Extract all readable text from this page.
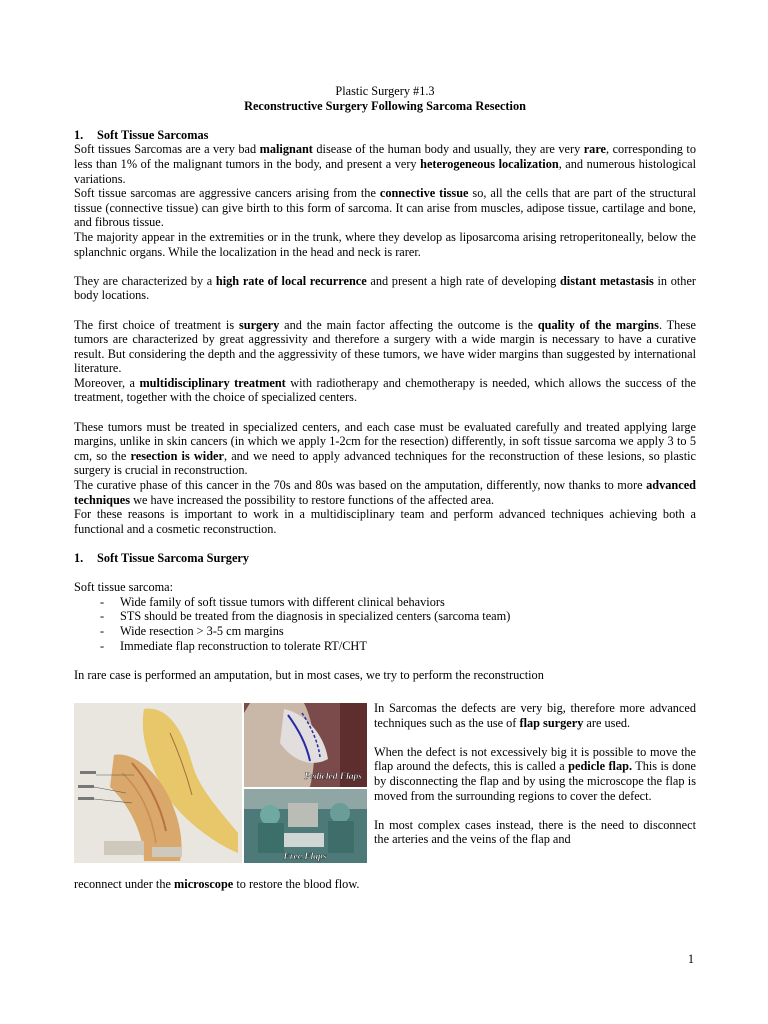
Plastic Surgery #1.3

Reconstructive Surgery Following Sarcoma Resection

1. Soft Tissue Sarcomas

Soft tissues Sarcomas are a very bad malignant disease of the human body and usually, they are very rare, corresponding to less than 1% of the malignant tumors in the body, and present a very heterogeneous localization, and numerous histological variations.

Soft tissue sarcomas are aggressive cancers arising from the connective tissue so, all the cells that are part of the structural tissue (connective tissue) can give birth to this form of sarcoma. It can arise from muscles, adipose tissue, cartilage and bone, and fibrous tissue.

The majority appear in the extremities or in the trunk, where they develop as liposarcoma arising retroperitoneally, below the splanchnic organs. While the localization in the head and neck is rarer.

They are characterized by a high rate of local recurrence and present a high rate of developing distant metastasis in other body locations.

The first choice of treatment is surgery and the main factor affecting the outcome is the quality of the margins. These tumors are characterized by great aggressivity and therefore a surgery with a wide margin is necessary to have a curative result. But considering the depth and the aggressivity of these tumors, we have wider margins than suggested by international literature.

Moreover, a multidisciplinary treatment with radiotherapy and chemotherapy is needed, which allows the success of the treatment, together with the choice of specialized centers.

These tumors must be treated in specialized centers, and each case must be evaluated carefully and treated applying large margins, unlike in skin cancers (in which we apply 1-2cm for the resection) differently, in soft tissue sarcoma we apply 3 to 5 cm, so the resection is wider, and we need to apply advanced techniques for the reconstruction of these lesions, so plastic surgery is crucial in reconstruction.

The curative phase of this cancer in the 70s and 80s was based on the amputation, differently, now thanks to more advanced techniques we have increased the possibility to restore functions of the affected area.

For these reasons is important to work in a multidisciplinary team and perform advanced techniques achieving both a functional and a cosmetic reconstruction.

1. Soft Tissue Sarcoma Surgery

Soft tissue sarcoma:

- Wide family of soft tissue tumors with different clinical behaviors
- STS should be treated from the diagnosis in specialized centers (sarcoma team)
- Wide resection > 3-5 cm margins
- Immediate flap reconstruction to tolerate RT/CHT

In rare case is performed an amputation, but in most cases, we try to perform the reconstruction

Pedicled Flaps
Free Flaps

In Sarcomas the defects are very big, therefore more advanced techniques such as the use of flap surgery are used.

When the defect is not excessively big it is possible to move the flap around the defects, this is called a pedicle flap. This is done by disconnecting the flap and by using the microscope the flap is moved from the surrounding regions to cover the defect.

In most complex cases instead, there is the need to disconnect the arteries and the veins of the flap and

reconnect under the microscope to restore the blood flow.

1
